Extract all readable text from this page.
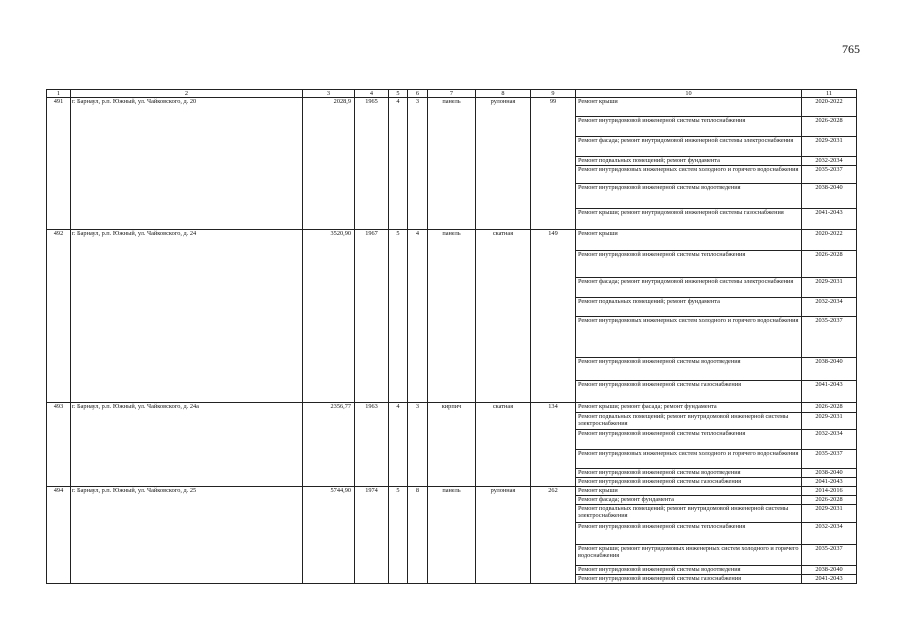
765
1	2	3	4	5	6	7	8	9	10	11
491	г. Барнаул, р.п. Южный, ул. Чайковского, д. 20	2028,9	1965	4	3	панель	рулонная	99	Ремонт крыши	2020-2022
									Ремонт внутридомовой инженерной системы теплоснабжения	2026-2028
									Ремонт фасада; ремонт внутридомовой инженерной системы электроснабжения	2029-2031
									Ремонт подвальных помещений; ремонт фундамента	2032-2034
									Ремонт внутридомовых инженерных систем холодного и горячего водоснабжения	2035-2037
									Ремонт внутридомовой инженерной системы водоотведения	2038-2040
									Ремонт крыши; ремонт внутридомовой инженерной системы газоснабжения	2041-2043
492	г. Барнаул, р.п. Южный, ул. Чайковского, д. 24	3520,90	1967	5	4	панель	скатная	149	Ремонт крыши	2020-2022
									Ремонт внутридомовой инженерной системы теплоснабжения	2026-2028
									Ремонт фасада; ремонт внутридомовой инженерной системы электроснабжения	2029-2031
									Ремонт подвальных помещений; ремонт фундамента	2032-2034
									Ремонт внутридомовых инженерных систем холодного и горячего водоснабжения	2035-2037
									Ремонт внутридомовой инженерной системы водоотведения	2038-2040
									Ремонт внутридомовой инженерной системы газоснабжения	2041-2043
493	г. Барнаул, р.п. Южный, ул. Чайковского, д. 24а	2356,77	1963	4	3	кирпич	скатная	134	Ремонт крыши; ремонт фасада; ремонт фундамента	2026-2028
									Ремонт подвальных помещений; ремонт внутридомовой инженерной системы электроснабжения	2029-2031
									Ремонт внутридомовой инженерной системы теплоснабжения	2032-2034
									Ремонт внутридомовых инженерных систем холодного и горячего водоснабжения	2035-2037
									Ремонт внутридомовой инженерной системы водоотведения	2038-2040
									Ремонт внутридомовой инженерной системы газоснабжения	2041-2043
494	г. Барнаул, р.п. Южный, ул. Чайковского, д. 25	5744,90	1974	5	8	панель	рулонная	262	Ремонт крыши	2014-2016
									Ремонт фасада; ремонт фундамента	2026-2028
									Ремонт подвальных помещений; ремонт внутридомовой инженерной системы электроснабжения	2029-2031
									Ремонт внутридомовой инженерной системы теплоснабжения	2032-2034
									Ремонт крыши; ремонт внутридомовых инженерных систем холодного и горячего водоснабжения	2035-2037
									Ремонт внутридомовой инженерной системы водоотведения	2038-2040
									Ремонт внутридомовой инженерной системы газоснабжения	2041-2043
